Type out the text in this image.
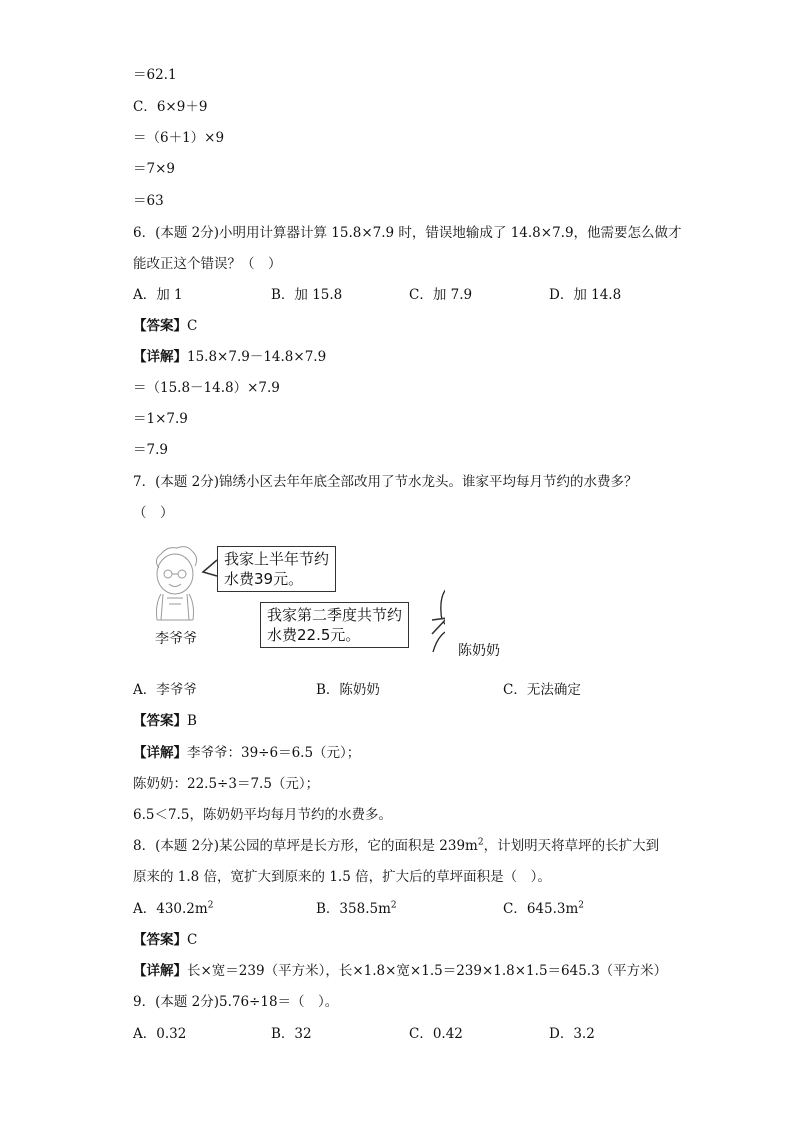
＝62.1
C．6×9＋9
＝（6＋1）×9
＝7×9
＝63
6．(本题 2分)小明用计算器计算 15.8×7.9 时，错误地输成了 14.8×7.9，他需要怎么做才
能改正这个错误？（　）
A．加 1	B．加 15.8	C．加 7.9	D．加 14.8
【答案】C
【详解】15.8×7.9－14.8×7.9
＝（15.8－14.8）×7.9
＝1×7.9
＝7.9
7．(本题 2分)锦绣小区去年年底全部改用了节水龙头。谁家平均每月节约的水费多？
（　）
我家上半年节约
水费39元。
我家第二季度共节约
水费22.5元。
李爷爷
陈奶奶
A．李爷爷	B．陈奶奶	C．无法确定
【答案】B
【详解】李爷爷：39÷6＝6.5（元）；
陈奶奶：22.5÷3＝7.5（元）；
6.5＜7.5，陈奶奶平均每月节约的水费多。
8．(本题 2分)某公园的草坪是长方形，它的面积是 $239m^2$，计划明天将草坪的长扩大到
原来的 1.8 倍，宽扩大到原来的 1.5 倍，扩大后的草坪面积是（　）。
A．$430.2m^2$	B．$358.5m^2$	C．$645.3m^2$
【答案】C
【详解】长×宽＝239（平方米），长×1.8×宽×1.5＝239×1.8×1.5＝645.3（平方米）
9．(本题 2分)5.76÷18＝（　）。
A．0.32	B．32	C．0.42	D．3.2
